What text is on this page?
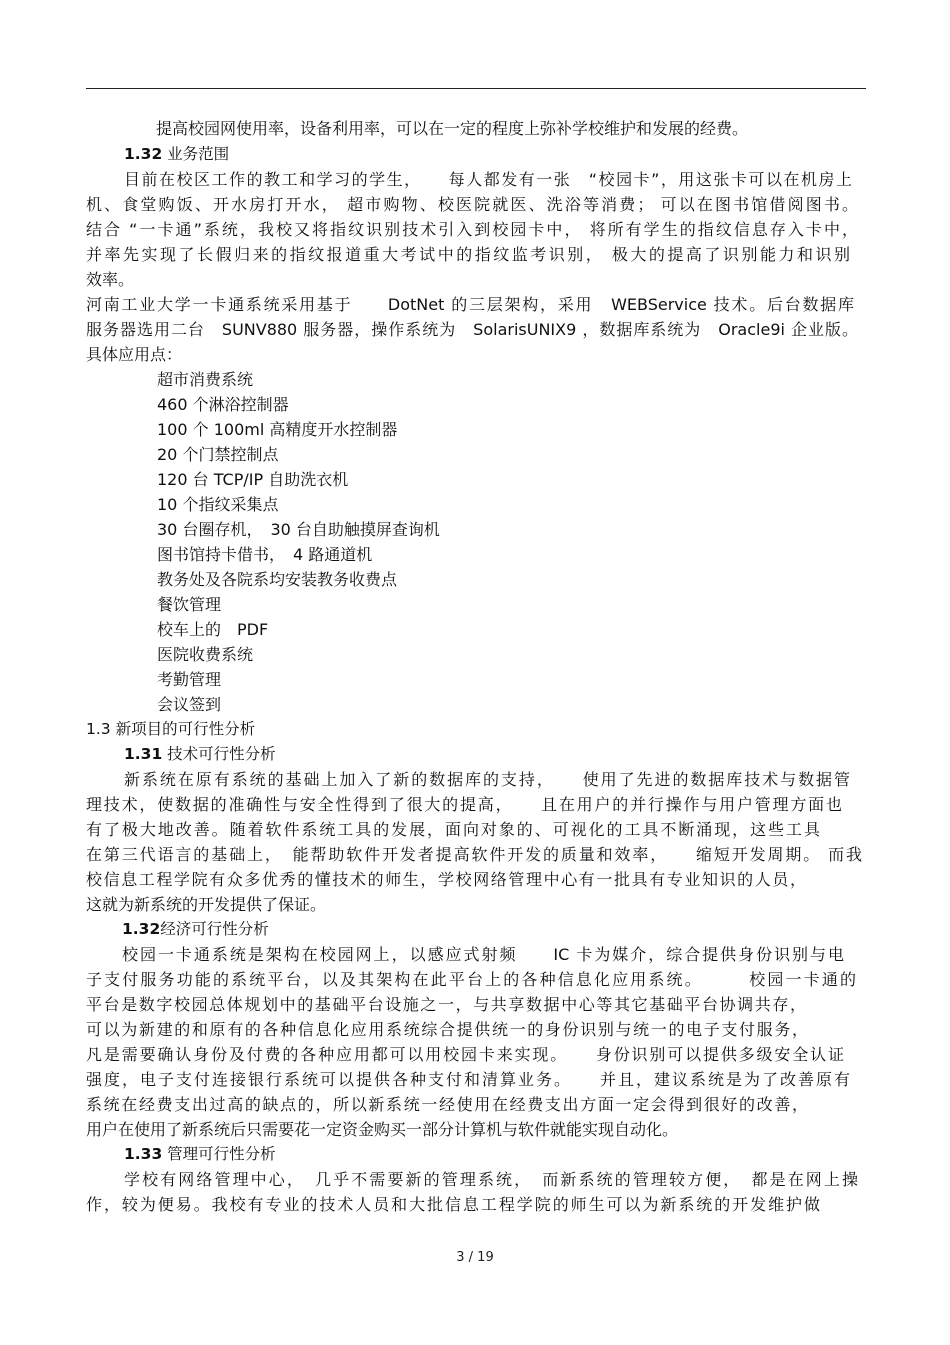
提高校园网使用率，设备利用率，可以在一定的程度上弥补学校维护和发展的经费。
1.32 业务范围
目前在校区工作的教工和学习的学生，　　每人都发有一张　“校园卡”，用这张卡可以在机房上
机、食堂购饭、开水房打开水， 超市购物、校医院就医、洗浴等消费； 可以在图书馆借阅图书。
结合 “一卡通”系统，我校又将指纹识别技术引入到校园卡中， 将所有学生的指纹信息存入卡中，
并率先实现了长假归来的指纹报道重大考试中的指纹监考识别， 极大的提高了识别能力和识别
效率。
河南工业大学一卡通系统采用基于　　DotNet 的三层架构，采用　WEBService 技术。后台数据库
服务器选用二台　SUNV880 服务器，操作系统为　SolarisUNIX9 ，数据库系统为　Oracle9i 企业版。
具体应用点：
超市消费系统
460 个淋浴控制器
100 个 100ml 高精度开水控制器
20 个门禁控制点
120 台 TCP/IP 自助洗衣机
10 个指纹采集点
30 台圈存机，　30 台自助触摸屏查询机
图书馆持卡借书，　4 路通道机
教务处及各院系均安装教务收费点
餐饮管理
校车上的　PDF
医院收费系统
考勤管理
会议签到
1.3 新项目的可行性分析
1.31 技术可行性分析
新系统在原有系统的基础上加入了新的数据库的支持，　　使用了先进的数据库技术与数据管
理技术，使数据的准确性与安全性得到了很大的提高，　　且在用户的并行操作与用户管理方面也
有了极大地改善。随着软件系统工具的发展，面向对象的、可视化的工具不断涌现，这些工具
在第三代语言的基础上，　能帮助软件开发者提高软件开发的质量和效率，　　缩短开发周期。 而我
校信息工程学院有众多优秀的懂技术的师生，学校网络管理中心有一批具有专业知识的人员，
这就为新系统的开发提供了保证。
1.32经济可行性分析
校园一卡通系统是架构在校园网上，以感应式射频　　IC 卡为媒介，综合提供身份识别与电
子支付服务功能的系统平台，以及其架构在此平台上的各种信息化应用系统。　　　校园一卡通的
平台是数字校园总体规划中的基础平台设施之一，与共享数据中心等其它基础平台协调共存，
可以为新建的和原有的各种信息化应用系统综合提供统一的身份识别与统一的电子支付服务，
凡是需要确认身份及付费的各种应用都可以用校园卡来实现。　　身份识别可以提供多级安全认证
强度，电子支付连接银行系统可以提供各种支付和清算业务。　　并且，建议系统是为了改善原有
系统在经费支出过高的缺点的，所以新系统一经使用在经费支出方面一定会得到很好的改善，
用户在使用了新系统后只需要花一定资金购买一部分计算机与软件就能实现自动化。
1.33 管理可行性分析
学校有网络管理中心，　几乎不需要新的管理系统，　而新系统的管理较方便，　都是在网上操
作，较为便易。我校有专业的技术人员和大批信息工程学院的师生可以为新系统的开发维护做
3 / 19
